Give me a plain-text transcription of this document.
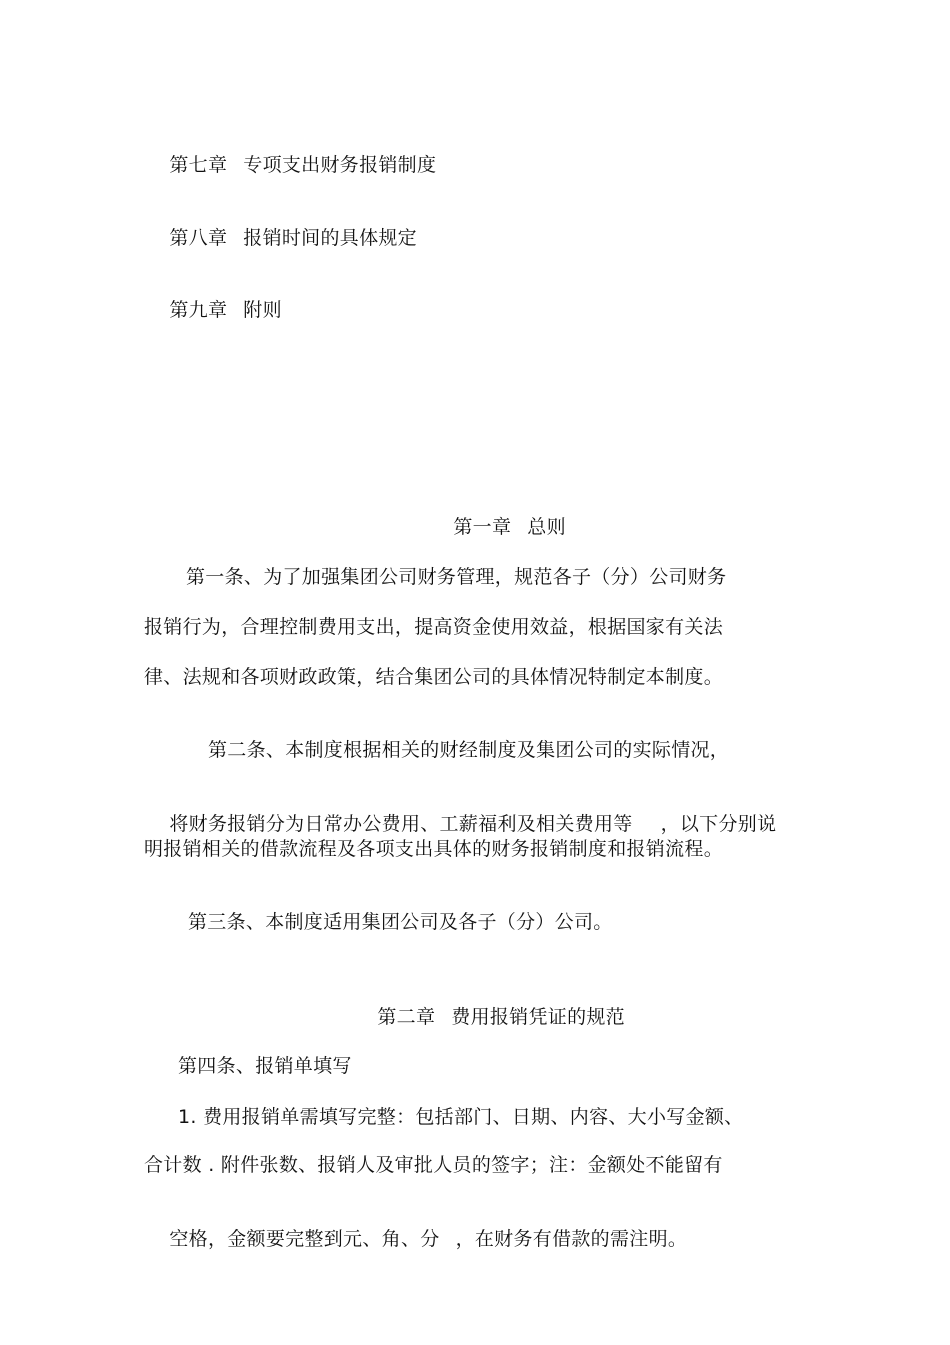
第七章 专项支出财务报销制度

第八章 报销时间的具体规定

第九章 附则

第一章 总则

第一条、为了加强集团公司财务管理，规范各子（分）公司财务
报销行为，合理控制费用支出，提高资金使用效益，根据国家有关法
律、法规和各项财政政策，结合集团公司的具体情况特制定本制度。
第二条、本制度根据相关的财经制度及集团公司的实际情况，

将财务报销分为日常办公费用、工薪福利及相关费用等 ，以下分别说

明报销相关的借款流程及各项支出具体的财务报销制度和报销流程。
第三条、本制度适用集团公司及各子（分）公司。

第二章 费用报销凭证的规范

第四条、报销单填写
1. 费用报销单需填写完整：包括部门、日期、内容、大小写金额、
合计数 . 附件张数、报销人及审批人员的签字；注：金额处不能留有

空格，金额要完整到元、角、分 ，在财务有借款的需注明。
